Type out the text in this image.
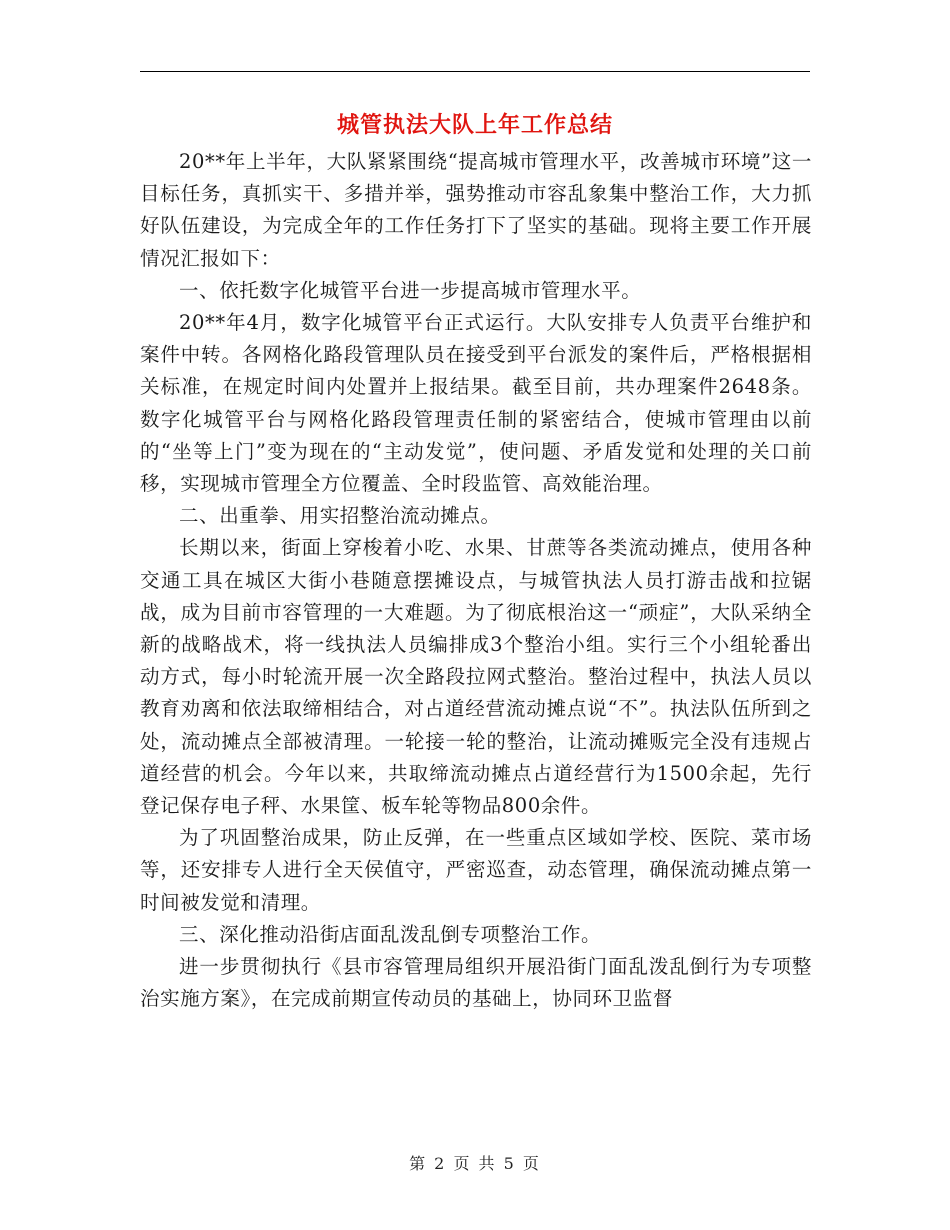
城管执法大队上年工作总结

20**年上半年，大队紧紧围绕“提高城市管理水平，改善城市环境”这一目标任务，真抓实干、多措并举，强势推动市容乱象集中整治工作，大力抓好队伍建设，为完成全年的工作任务打下了坚实的基础。现将主要工作开展情况汇报如下：

一、依托数字化城管平台进一步提高城市管理水平。

20**年4月，数字化城管平台正式运行。大队安排专人负责平台维护和案件中转。各网格化路段管理队员在接受到平台派发的案件后，严格根据相关标准，在规定时间内处置并上报结果。截至目前，共办理案件2648条。数字化城管平台与网格化路段管理责任制的紧密结合，使城市管理由以前的“坐等上门”变为现在的“主动发觉”，使问题、矛盾发觉和处理的关口前移，实现城市管理全方位覆盖、全时段监管、高效能治理。

二、出重拳、用实招整治流动摊点。

长期以来，街面上穿梭着小吃、水果、甘蔗等各类流动摊点，使用各种交通工具在城区大街小巷随意摆摊设点，与城管执法人员打游击战和拉锯战，成为目前市容管理的一大难题。为了彻底根治这一“顽症”，大队采纳全新的战略战术，将一线执法人员编排成3个整治小组。实行三个小组轮番出动方式，每小时轮流开展一次全路段拉网式整治。整治过程中，执法人员以教育劝离和依法取缔相结合，对占道经营流动摊点说“不”。执法队伍所到之处，流动摊点全部被清理。一轮接一轮的整治，让流动摊贩完全没有违规占道经营的机会。今年以来，共取缔流动摊点占道经营行为1500余起，先行登记保存电子秤、水果筐、板车轮等物品800余件。

为了巩固整治成果，防止反弹，在一些重点区域如学校、医院、菜市场等，还安排专人进行全天侯值守，严密巡查，动态管理，确保流动摊点第一时间被发觉和清理。

三、深化推动沿街店面乱泼乱倒专项整治工作。

进一步贯彻执行《县市容管理局组织开展沿街门面乱泼乱倒行为专项整治实施方案》，在完成前期宣传动员的基础上，协同环卫监督

第 2 页 共 5 页
